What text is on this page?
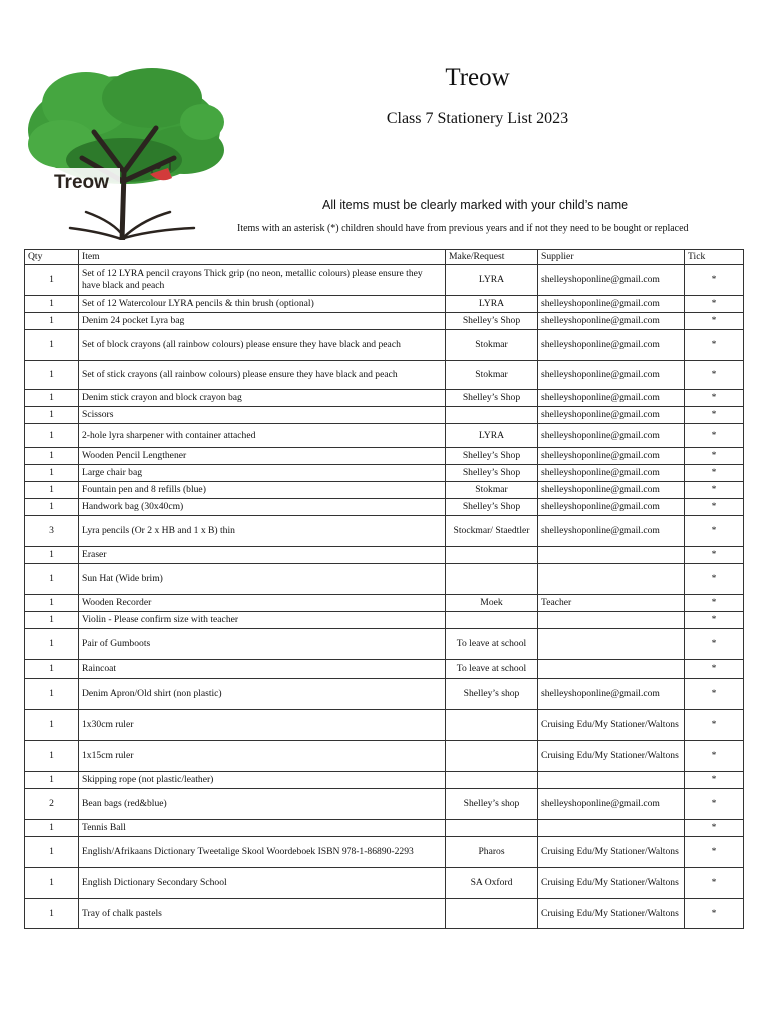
Treow
Treow
Class 7 Stationery List 2023
All items must be clearly marked with your child’s name
Items with an asterisk (*) children should have from previous years and if not they need to be bought or replaced
Qty	Item	Make/Request	Supplier	Tick
1	Set of 12 LYRA pencil crayons Thick grip (no neon, metallic colours) please ensure they have black and peach	LYRA	shelleyshoponline@gmail.com	*
1	Set of 12 Watercolour LYRA pencils & thin brush (optional)	LYRA	shelleyshoponline@gmail.com	*
1	Denim 24 pocket Lyra bag	Shelley’s Shop	shelleyshoponline@gmail.com	*
1	Set of block crayons (all rainbow colours) please ensure they have black and peach	Stokmar	shelleyshoponline@gmail.com	*
1	Set of stick crayons (all rainbow colours) please ensure they have black and peach	Stokmar	shelleyshoponline@gmail.com	*
1	Denim stick crayon and block crayon bag	Shelley’s Shop	shelleyshoponline@gmail.com	*
1	Scissors		shelleyshoponline@gmail.com	*
1	2-hole lyra sharpener with container attached	LYRA	shelleyshoponline@gmail.com	*
1	Wooden Pencil Lengthener	Shelley’s Shop	shelleyshoponline@gmail.com	*
1	Large chair bag	Shelley’s Shop	shelleyshoponline@gmail.com	*
1	Fountain pen and 8 refills (blue)	Stokmar	shelleyshoponline@gmail.com	*
1	Handwork bag (30x40cm)	Shelley’s Shop	shelleyshoponline@gmail.com	*
3	Lyra pencils (Or 2 x HB and 1 x B) thin	Stockmar/ Staedtler	shelleyshoponline@gmail.com	*
1	Eraser			*
1	Sun Hat (Wide brim)			*
1	Wooden Recorder	Moek	Teacher	*
1	Violin - Please confirm size with teacher			*
1	Pair of Gumboots	To leave at school		*
1	Raincoat	To leave at school		*
1	Denim Apron/Old shirt (non plastic)	Shelley’s shop	shelleyshoponline@gmail.com	*
1	1x30cm ruler		Cruising Edu/My Stationer/Waltons	*
1	1x15cm ruler		Cruising Edu/My Stationer/Waltons	*
1	Skipping rope (not plastic/leather)			*
2	Bean bags (red&blue)	Shelley’s shop	shelleyshoponline@gmail.com	*
1	Tennis Ball			*
1	English/Afrikaans Dictionary Tweetalige Skool Woordeboek ISBN 978-1-86890-2293	Pharos	Cruising Edu/My Stationer/Waltons	*
1	English Dictionary Secondary School	SA Oxford	Cruising Edu/My Stationer/Waltons	*
1	Tray of chalk pastels		Cruising Edu/My Stationer/Waltons	*
